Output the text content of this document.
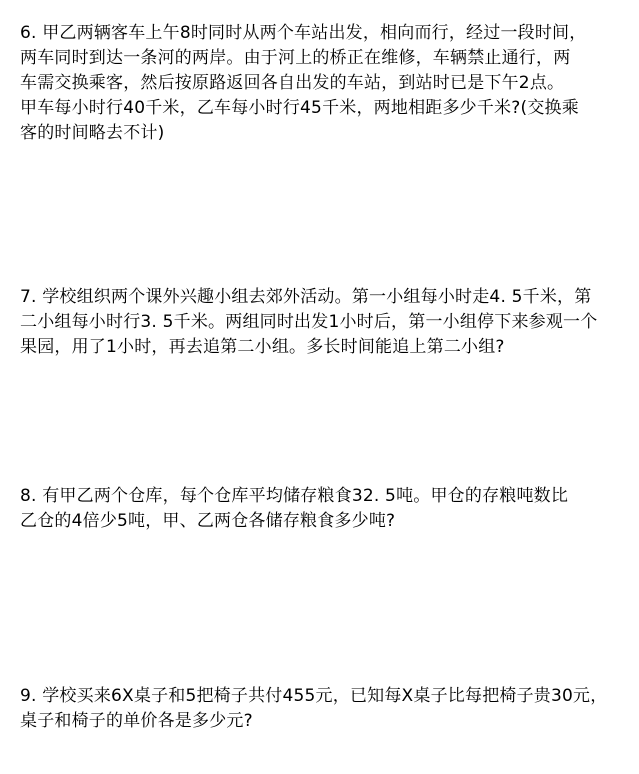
6. 甲乙两辆客车上午8时同时从两个车站出发，相向而行，经过一段时间，
两车同时到达一条河的两岸。由于河上的桥正在维修，车辆禁止通行，两
车需交换乘客，然后按原路返回各自出发的车站，到站时已是下午2点。
甲车每小时行40千米，乙车每小时行45千米，两地相距多少千米?(交换乘
客的时间略去不计)
7. 学校组织两个课外兴趣小组去郊外活动。第一小组每小时走4. 5千米，第
二小组每小时行3. 5千米。两组同时出发1小时后，第一小组停下来参观一个
果园，用了1小时，再去追第二小组。多长时间能追上第二小组?
8. 有甲乙两个仓库，每个仓库平均储存粮食32. 5吨。甲仓的存粮吨数比
乙仓的4倍少5吨，甲、乙两仓各储存粮食多少吨?
9. 学校买来6X桌子和5把椅子共付455元，已知每X桌子比每把椅子贵30元，
桌子和椅子的单价各是多少元?
